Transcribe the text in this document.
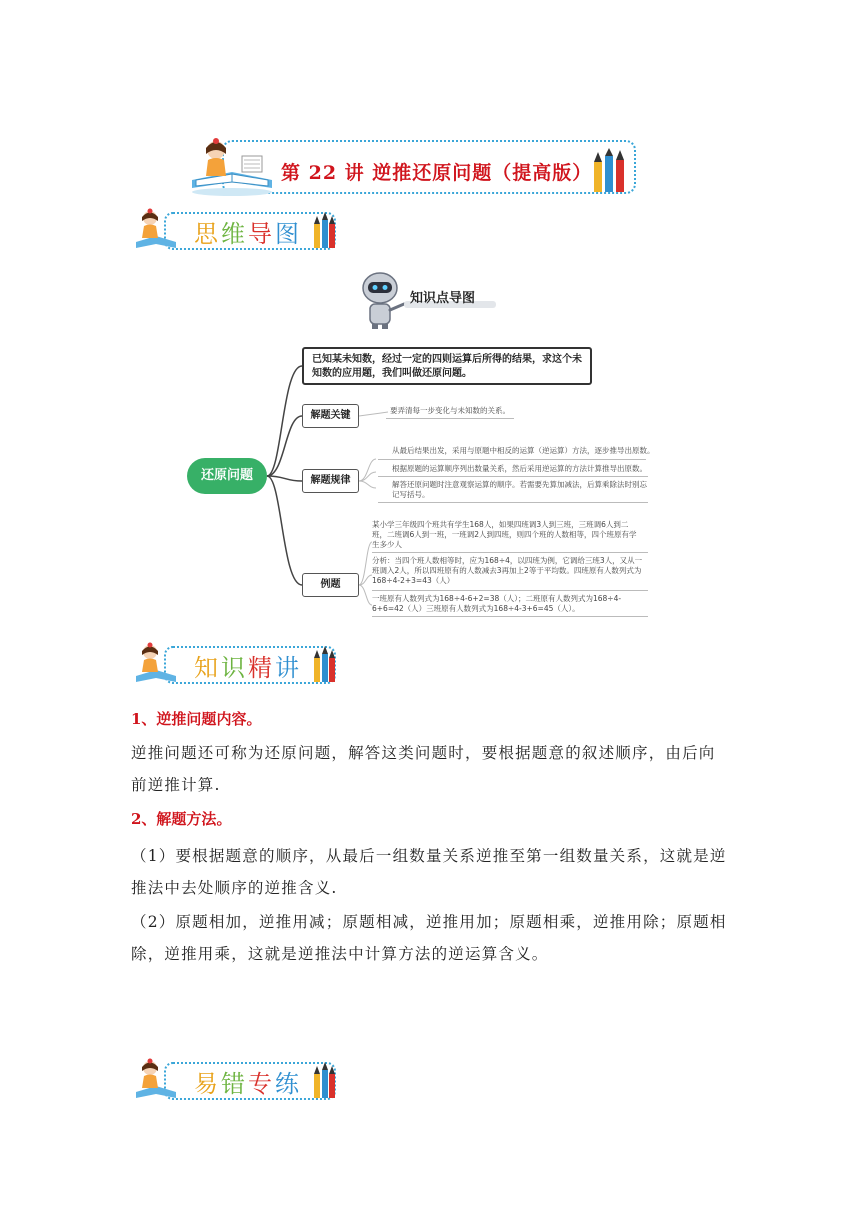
第 22 讲 逆推还原问题（提高版）
思维导图
知识点导图
还原问题
已知某未知数，经过一定的四则运算后所得的结果，求这个未知数的应用题，我们叫做还原问题。
解题关键	要弄清每一步变化与未知数的关系。
解题规律
从最后结果出发，采用与原题中相反的运算（逆运算）方法，逐步推导出原数。
根据原题的运算顺序列出数量关系，然后采用逆运算的方法计算推导出原数。
解答还原问题时注意观察运算的顺序。若需要先算加减法，后算乘除法时别忘记写括号。
例题
某小学三年级四个班共有学生168人，如果四班调3人到三班，三班调6人到二班，二班调6人到一班，一班调2人到四班，则四个班的人数相等，四个班原有学生多少人
分析：当四个班人数相等时，应为168÷4，以四班为例，它调给三班3人，又从一班调入2人，所以四班原有的人数减去3再加上2等于平均数。四班原有人数列式为168÷4-2+3=43（人）
一班原有人数列式为168÷4-6+2=38（人）；二班原有人数列式为168÷4-6+6=42（人）三班原有人数列式为168÷4-3+6=45（人）。
知识精讲
1、逆推问题内容。
逆推问题还可称为还原问题，解答这类问题时，要根据题意的叙述顺序，由后向前逆推计算.
2、解题方法。
（1）要根据题意的顺序，从最后一组数量关系逆推至第一组数量关系，这就是逆推法中去处顺序的逆推含义.
（2）原题相加，逆推用减；原题相减，逆推用加；原题相乘，逆推用除；原题相除，逆推用乘，这就是逆推法中计算方法的逆运算含义。
易错专练
